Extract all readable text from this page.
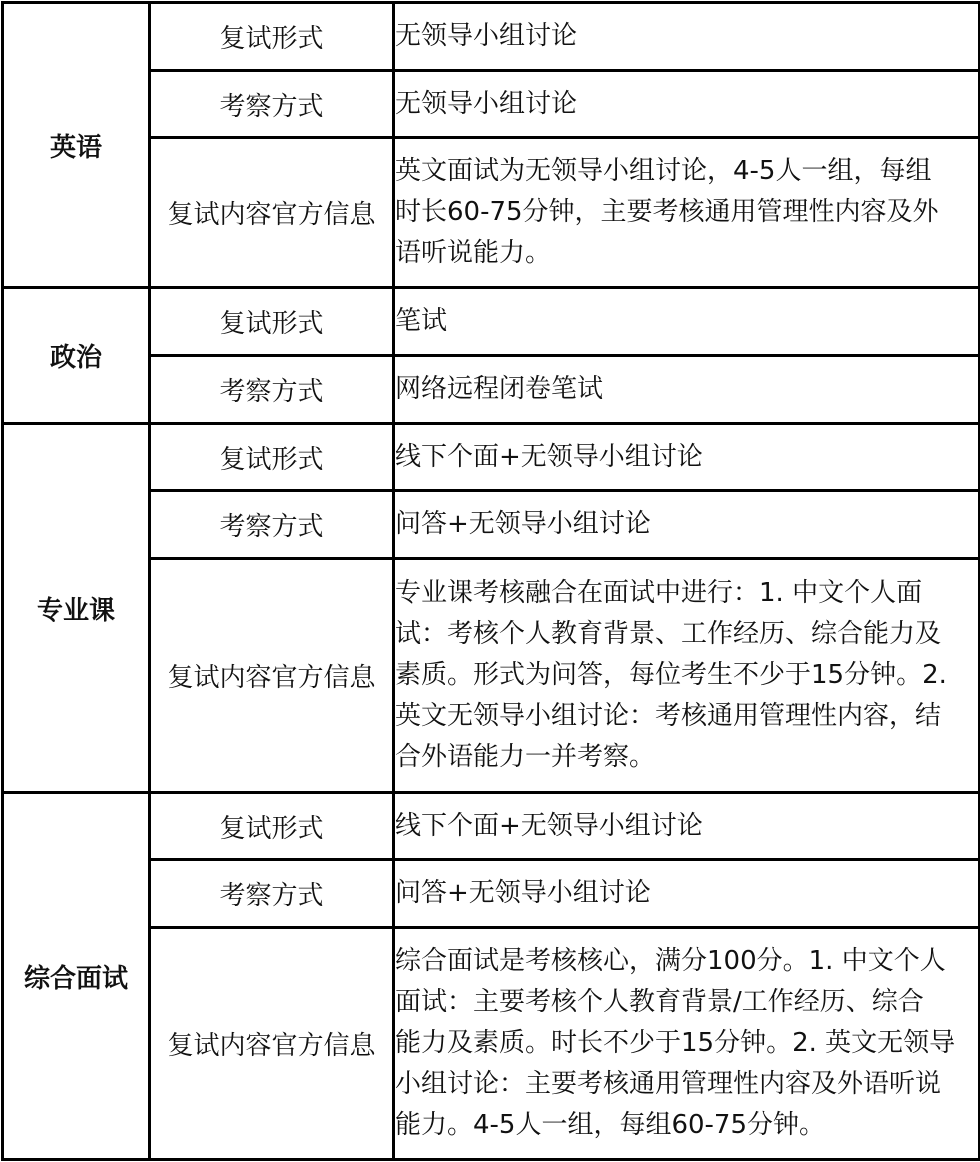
英语	复试形式	无领导小组讨论

	考察方式	无领导小组讨论

	复试内容官方信息	英文面试为无领导小组讨论，4-5人一组，每组
时长60-75分钟，主要考核通用管理性内容及外
语听说能力。

政治	复试形式	笔试

	考察方式	网络远程闭卷笔试

专业课	复试形式	线下个面+无领导小组讨论

	考察方式	问答+无领导小组讨论

	复试内容官方信息	专业课考核融合在面试中进行：1. 中文个人面
试：考核个人教育背景、工作经历、综合能力及
素质。形式为问答，每位考生不少于15分钟。2.
英文无领导小组讨论：考核通用管理性内容，结
合外语能力一并考察。

综合面试	复试形式	线下个面+无领导小组讨论

	考察方式	问答+无领导小组讨论

	复试内容官方信息	综合面试是考核核心，满分100分。1. 中文个人
面试：主要考核个人教育背景/工作经历、综合
能力及素质。时长不少于15分钟。2. 英文无领导
小组讨论：主要考核通用管理性内容及外语听说
能力。4-5人一组，每组60-75分钟。
